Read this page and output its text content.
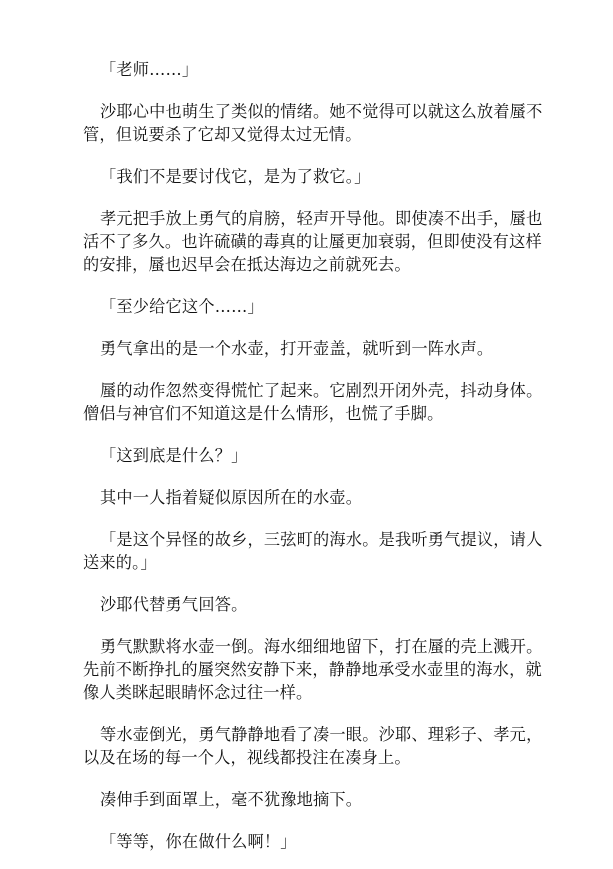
「老师……」

沙耶心中也萌生了类似的情绪。她不觉得可以就这么放着蜃不管，但说要杀了它却又觉得太过无情。

「我们不是要讨伐它，是为了救它。」

孝元把手放上勇气的肩膀，轻声开导他。即使凑不出手，蜃也活不了多久。也许硫磺的毒真的让蜃更加衰弱，但即使没有这样的安排，蜃也迟早会在抵达海边之前就死去。

「至少给它这个……」

勇气拿出的是一个水壶，打开壶盖，就听到一阵水声。

蜃的动作忽然变得慌忙了起来。它剧烈开闭外壳，抖动身体。僧侣与神官们不知道这是什么情形，也慌了手脚。

「这到底是什么？」

其中一人指着疑似原因所在的水壶。

「是这个异怪的故乡，三弦町的海水。是我听勇气提议，请人送来的。」

沙耶代替勇气回答。

勇气默默将水壶一倒。海水细细地留下，打在蜃的壳上溅开。先前不断挣扎的蜃突然安静下来，静静地承受水壶里的海水，就像人类眯起眼睛怀念过往一样。

等水壶倒光，勇气静静地看了凑一眼。沙耶、理彩子、孝元，以及在场的每一个人，视线都投注在凑身上。

凑伸手到面罩上，毫不犹豫地摘下。

「等等，你在做什么啊！」
